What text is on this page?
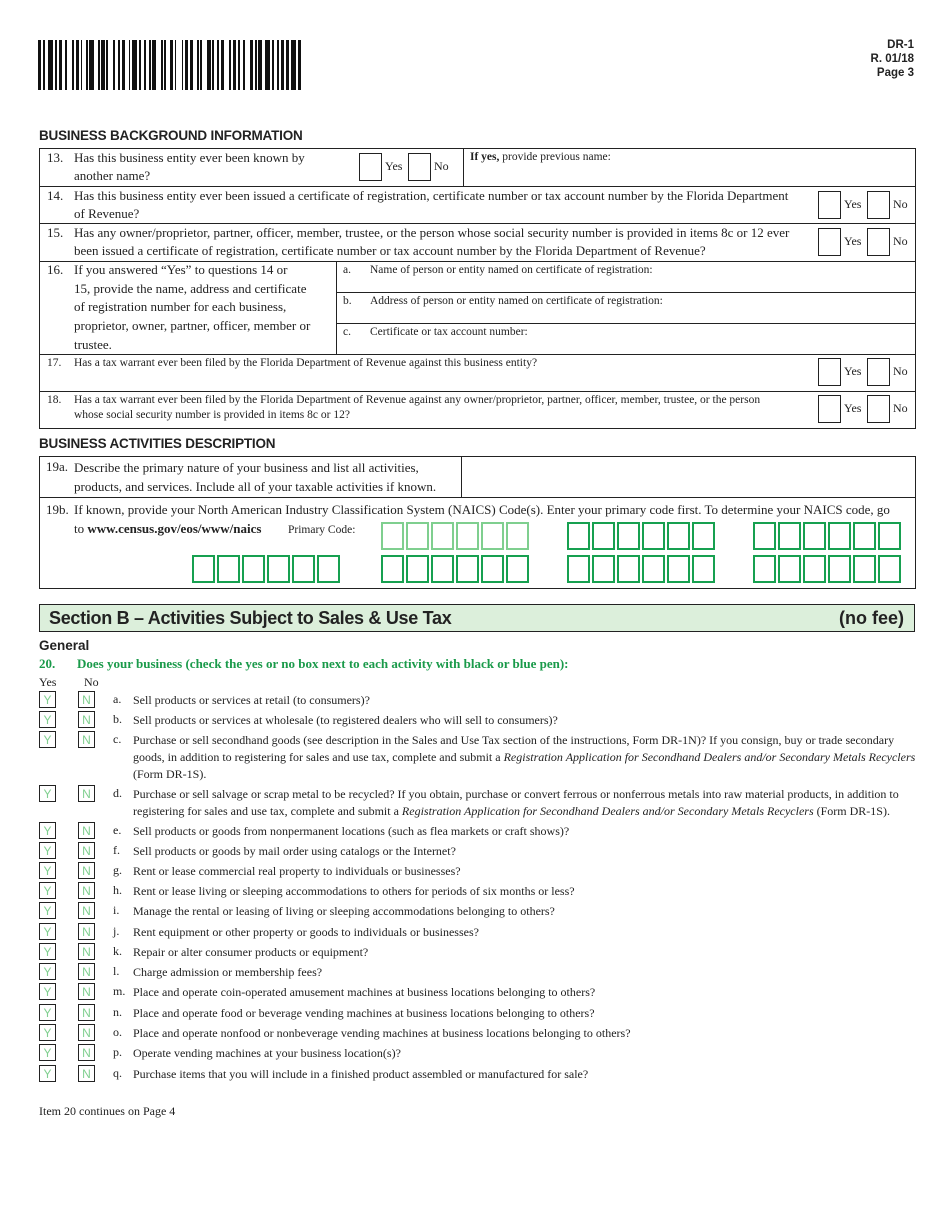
DR-1
R. 01/18
Page 3
BUSINESS BACKGROUND INFORMATION
13. Has this business entity ever been known by
another name?
Yes	No
If yes, provide previous name:
14. Has this business entity ever been issued a certificate of registration, certificate number or tax account number by the Florida Department
of Revenue?
Yes	No
15. Has any owner/proprietor, partner, officer, member, trustee, or the person whose social security number is provided in items 8c or 12 ever
been issued a certificate of registration, certificate number or tax account number by the Florida Department of Revenue?
Yes	No
16. If you answered “Yes” to questions 14 or
15, provide the name, address and certificate
of registration number for each business,
proprietor, owner, partner, officer, member or
trustee.
a. Name of person or entity named on certificate of registration:
b. Address of person or entity named on certificate of registration:
c. Certificate or tax account number:
17. Has a tax warrant ever been filed by the Florida Department of Revenue against this business entity?
Yes	No
18. Has a tax warrant ever been filed by the Florida Department of Revenue against any owner/proprietor, partner, officer, member, trustee, or the person
whose social security number is provided in items 8c or 12?	Yes	No
BUSINESS ACTIVITIES DESCRIPTION
19a. Describe the primary nature of your business and list all activities,
products, and services. Include all of your taxable activities if known.
19b. If known, provide your North American Industry Classification System (NAICS) Code(s). Enter your primary code first. To determine your NAICS code, go
to www.census.gov/eos/www/naics Primary Code:
Section B – Activities Subject to Sales & Use Tax	(no fee)
General
20. Does your business (check the yes or no box next to each activity with black or blue pen):
Yes No
Y	N	a. Sell products or services at retail (to consumers)?
Y	N	b. Sell products or services at wholesale (to registered dealers who will sell to consumers)?
Y	N	c. Purchase or sell secondhand goods (see description in the Sales and Use Tax section of the instructions, Form DR-1N)? If you consign, buy or trade secondary
goods, in addition to registering for sales and use tax, complete and submit a Registration Application for Secondhand Dealers and/or Secondary Metals Recyclers
(Form DR-1S).
Y	N	d. Purchase or sell salvage or scrap metal to be recycled? If you obtain, purchase or convert ferrous or nonferrous metals into raw material products, in addition to
registering for sales and use tax, complete and submit a Registration Application for Secondhand Dealers and/or Secondary Metals Recyclers (Form DR-1S).
Y	N	e. Sell products or goods from nonpermanent locations (such as flea markets or craft shows)?
Y	N	f. Sell products or goods by mail order using catalogs or the Internet?
Y	N	g. Rent or lease commercial real property to individuals or businesses?
Y	N	h. Rent or lease living or sleeping accommodations to others for periods of six months or less?
Y	N	i. Manage the rental or leasing of living or sleeping accommodations belonging to others?
Y	N	j. Rent equipment or other property or goods to individuals or businesses?
Y	N	k. Repair or alter consumer products or equipment?
Y	N	l. Charge admission or membership fees?
Y	N	m. Place and operate coin-operated amusement machines at business locations belonging to others?
Y	N	n. Place and operate food or beverage vending machines at business locations belonging to others?
Y	N	o. Place and operate nonfood or nonbeverage vending machines at business locations belonging to others?
Y	N	p. Operate vending machines at your business location(s)?
Y	N	q. Purchase items that you will include in a finished product assembled or manufactured for sale?
Item 20 continues on Page 4
